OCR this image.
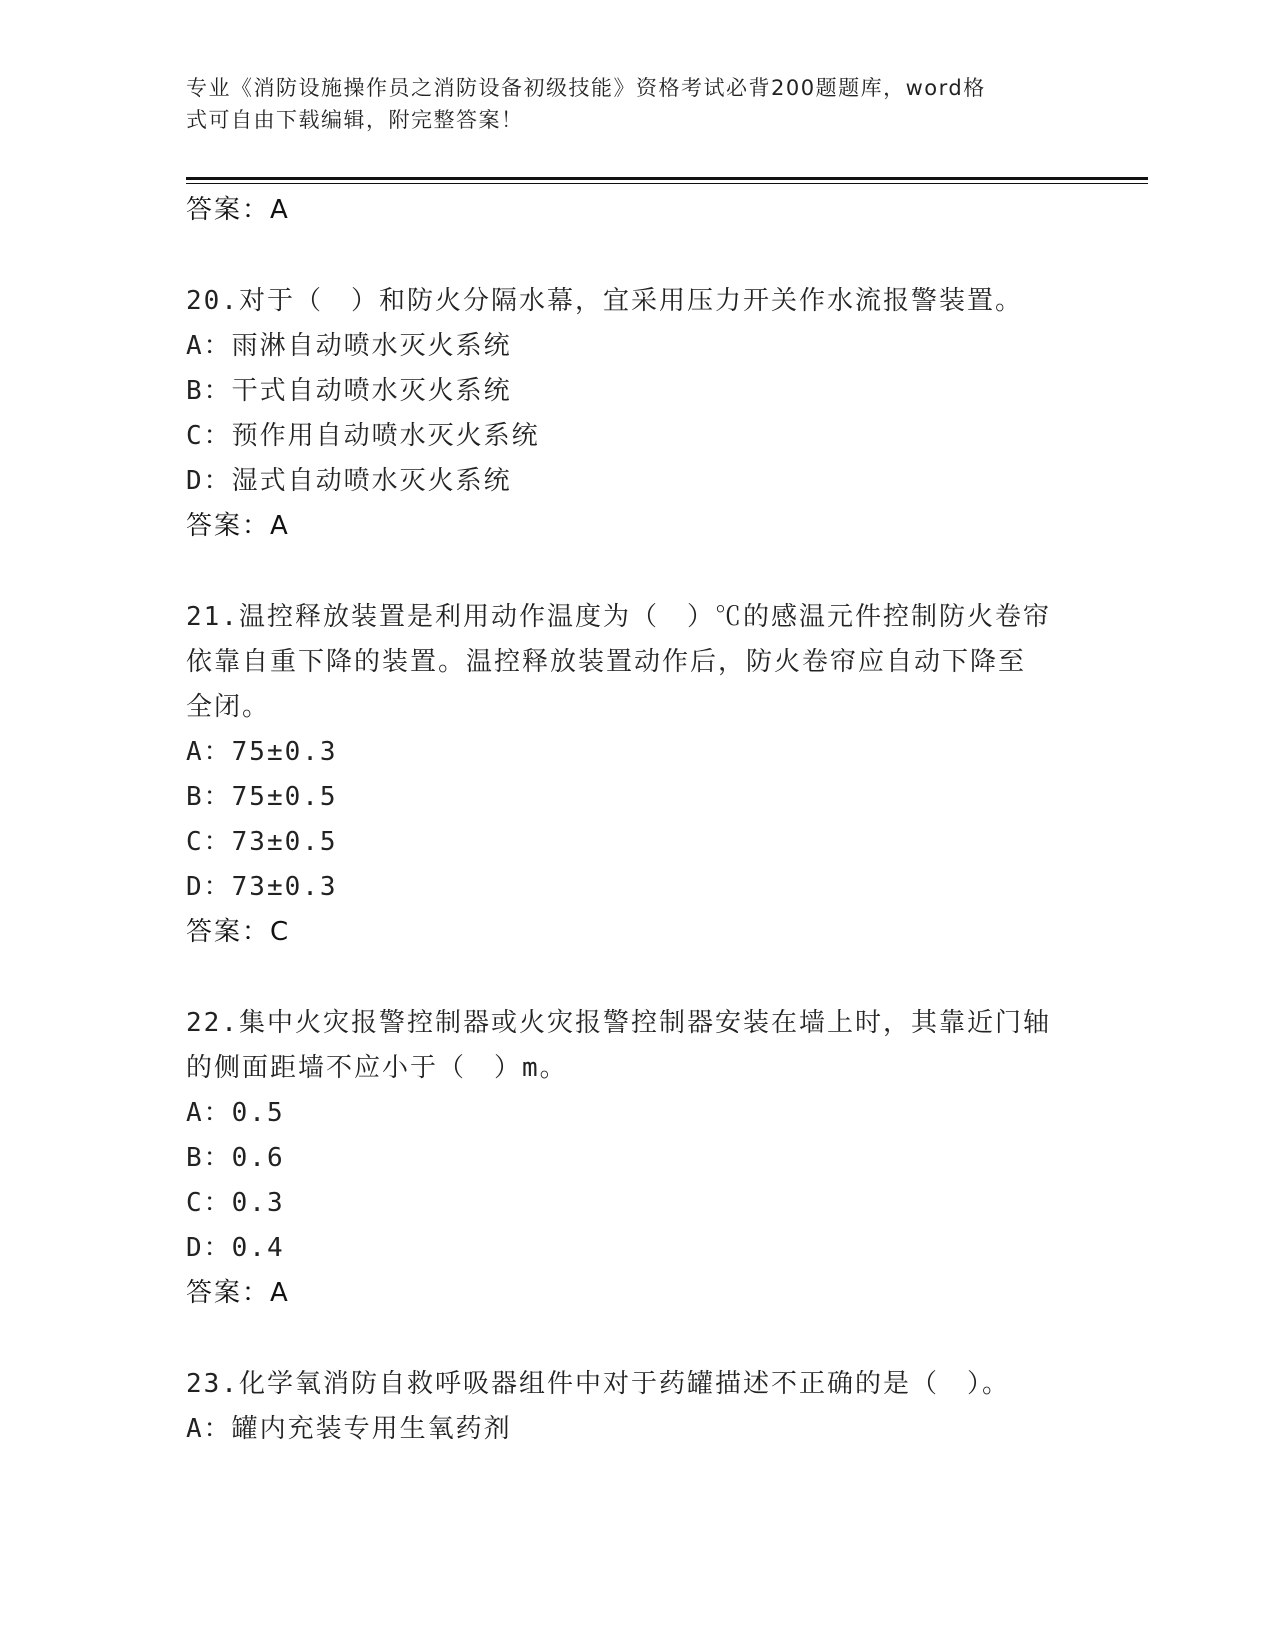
专业《消防设施操作员之消防设备初级技能》资格考试必背200题题库，word格
式可自由下载编辑，附完整答案！
答案：A
20.对于（　）和防火分隔水幕，宜采用压力开关作水流报警装置。
A：雨淋自动喷水灭火系统
B：干式自动喷水灭火系统
C：预作用自动喷水灭火系统
D：湿式自动喷水灭火系统
答案：A
21.温控释放装置是利用动作温度为（　）℃的感温元件控制防火卷帘
依靠自重下降的装置。温控释放装置动作后，防火卷帘应自动下降至
全闭。
A：75±0.3
B：75±0.5
C：73±0.5
D：73±0.3
答案：C
22.集中火灾报警控制器或火灾报警控制器安装在墙上时，其靠近门轴
的侧面距墙不应小于（　）m。
A：0.5
B：0.6
C：0.3
D：0.4
答案：A
23.化学氧消防自救呼吸器组件中对于药罐描述不正确的是（　）。
A：罐内充装专用生氧药剂
